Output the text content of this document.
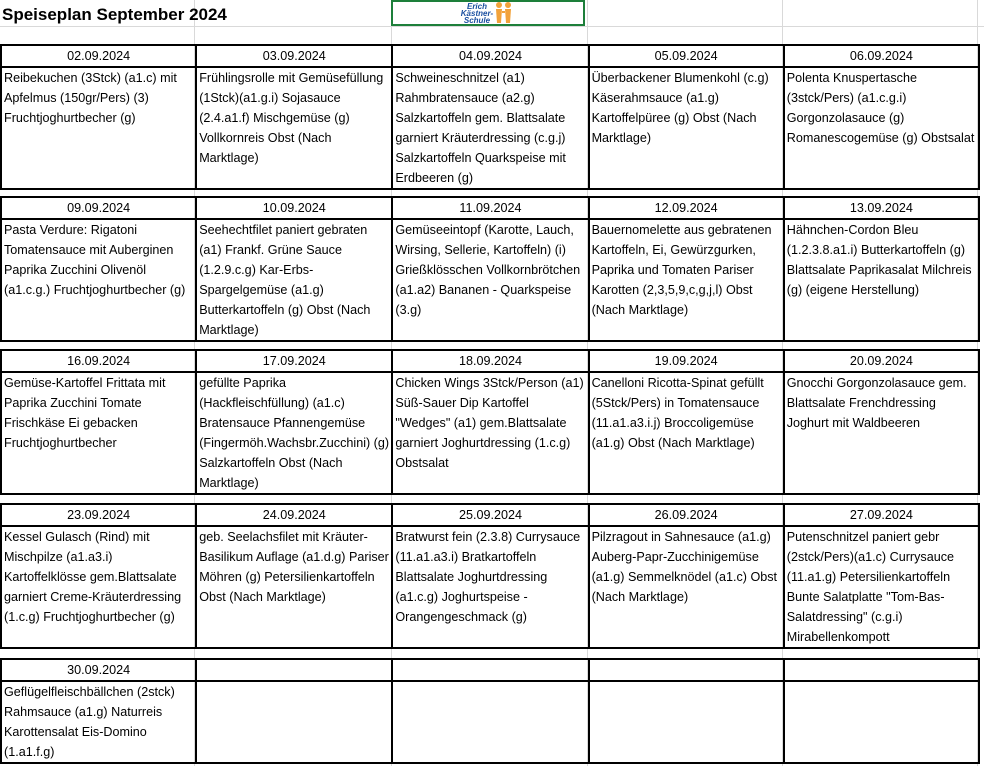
Speiseplan September 2024	Erich
Kästner-
Schule
02.09.2024	03.09.2024	04.09.2024	05.09.2024	06.09.2024

Reibekuchen (3Stck) (a1.c) mit Apfelmus (150gr/Pers) (3) Fruchtjoghurtbecher (g)	Frühlingsrolle mit Gemüsefüllung (1Stck)(a1.g.i) Sojasauce (2.4.a1.f) Mischgemüse (g) Vollkornreis Obst (Nach Marktlage)	Schweineschnitzel (a1) Rahmbratensauce (a2.g) Salzkartoffeln gem. Blattsalate garniert Kräuterdressing (c.g.j) Salzkartoffeln Quarkspeise mit Erdbeeren (g)	Überbackener Blumenkohl (c.g) Käserahmsauce (a1.g) Kartoffelpüree (g) Obst (Nach Marktlage)	Polenta Knuspertasche (3stck/Pers) (a1.c.g.i) Gorgonzolasauce (g) Romanescogemüse (g) Obstsalat
09.09.2024	10.09.2024	11.09.2024	12.09.2024	13.09.2024

Pasta Verdure: Rigatoni Tomatensauce mit Auberginen Paprika Zucchini Olivenöl (a1.c.g.) Fruchtjoghurtbecher (g)	Seehechtfilet paniert gebraten (a1) Frankf. Grüne Sauce (1.2.9.c.g) Kar-Erbs-Spargelgemüse (a1.g) Butterkartoffeln (g) Obst (Nach Marktlage)	Gemüseeintopf (Karotte, Lauch, Wirsing, Sellerie, Kartoffeln) (i) Grießklösschen Vollkornbrötchen (a1.a2) Bananen - Quarkspeise (3.g)	Bauernomelette aus gebratenen Kartoffeln, Ei, Gewürzgurken, Paprika und Tomaten Pariser Karotten (2,3,5,9,c,g,j,l) Obst (Nach Marktlage)	Hähnchen-Cordon Bleu (1.2.3.8.a1.i) Butterkartoffeln (g) Blattsalate Paprikasalat Milchreis (g) (eigene Herstellung)
16.09.2024	17.09.2024	18.09.2024	19.09.2024	20.09.2024

Gemüse-Kartoffel Frittata mit Paprika Zucchini Tomate Frischkäse Ei gebacken Fruchtjoghurtbecher	gefüllte Paprika (Hackfleischfüllung) (a1.c) Bratensauce Pfannengemüse (Fingermöh.Wachsbr.Zucchini) (g) Salzkartoffeln Obst (Nach Marktlage)	Chicken Wings 3Stck/Person (a1) Süß-Sauer Dip Kartoffel "Wedges" (a1) gem.Blattsalate garniert Joghurtdressing (1.c.g) Obstsalat	Canelloni Ricotta-Spinat gefüllt (5Stck/Pers) in Tomatensauce (11.a1.a3.i.j) Broccoligemüse (a1.g) Obst (Nach Marktlage)	Gnocchi Gorgonzolasauce gem. Blattsalate Frenchdressing Joghurt mit Waldbeeren
23.09.2024	24.09.2024	25.09.2024	26.09.2024	27.09.2024

Kessel Gulasch (Rind) mit Mischpilze (a1.a3.i) Kartoffelklösse gem.Blattsalate garniert Creme-Kräuterdressing (1.c.g) Fruchtjoghurtbecher (g)	geb. Seelachsfilet mit Kräuter-Basilikum Auflage (a1.d.g) Pariser Möhren (g) Petersilienkartoffeln Obst (Nach Marktlage)	Bratwurst fein (2.3.8) Currysauce (11.a1.a3.i) Bratkartoffeln Blattsalate Joghurtdressing (a1.c.g) Joghurtspeise - Orangengeschmack (g)	Pilzragout in Sahnesauce (a1.g) Auberg-Papr-Zucchinigemüse (a1.g) Semmelknödel (a1.c) Obst (Nach Marktlage)	Putenschnitzel paniert gebr (2stck/Pers)(a1.c) Currysauce (11.a1.g) Petersilienkartoffeln Bunte Salatplatte "Tom-Bas-Salatdressing" (c.g.i) Mirabellenkompott
30.09.2024				

Geflügelfleischbällchen (2stck) Rahmsauce (a1.g) Naturreis Karottensalat Eis-Domino (1.a1.f.g)				
